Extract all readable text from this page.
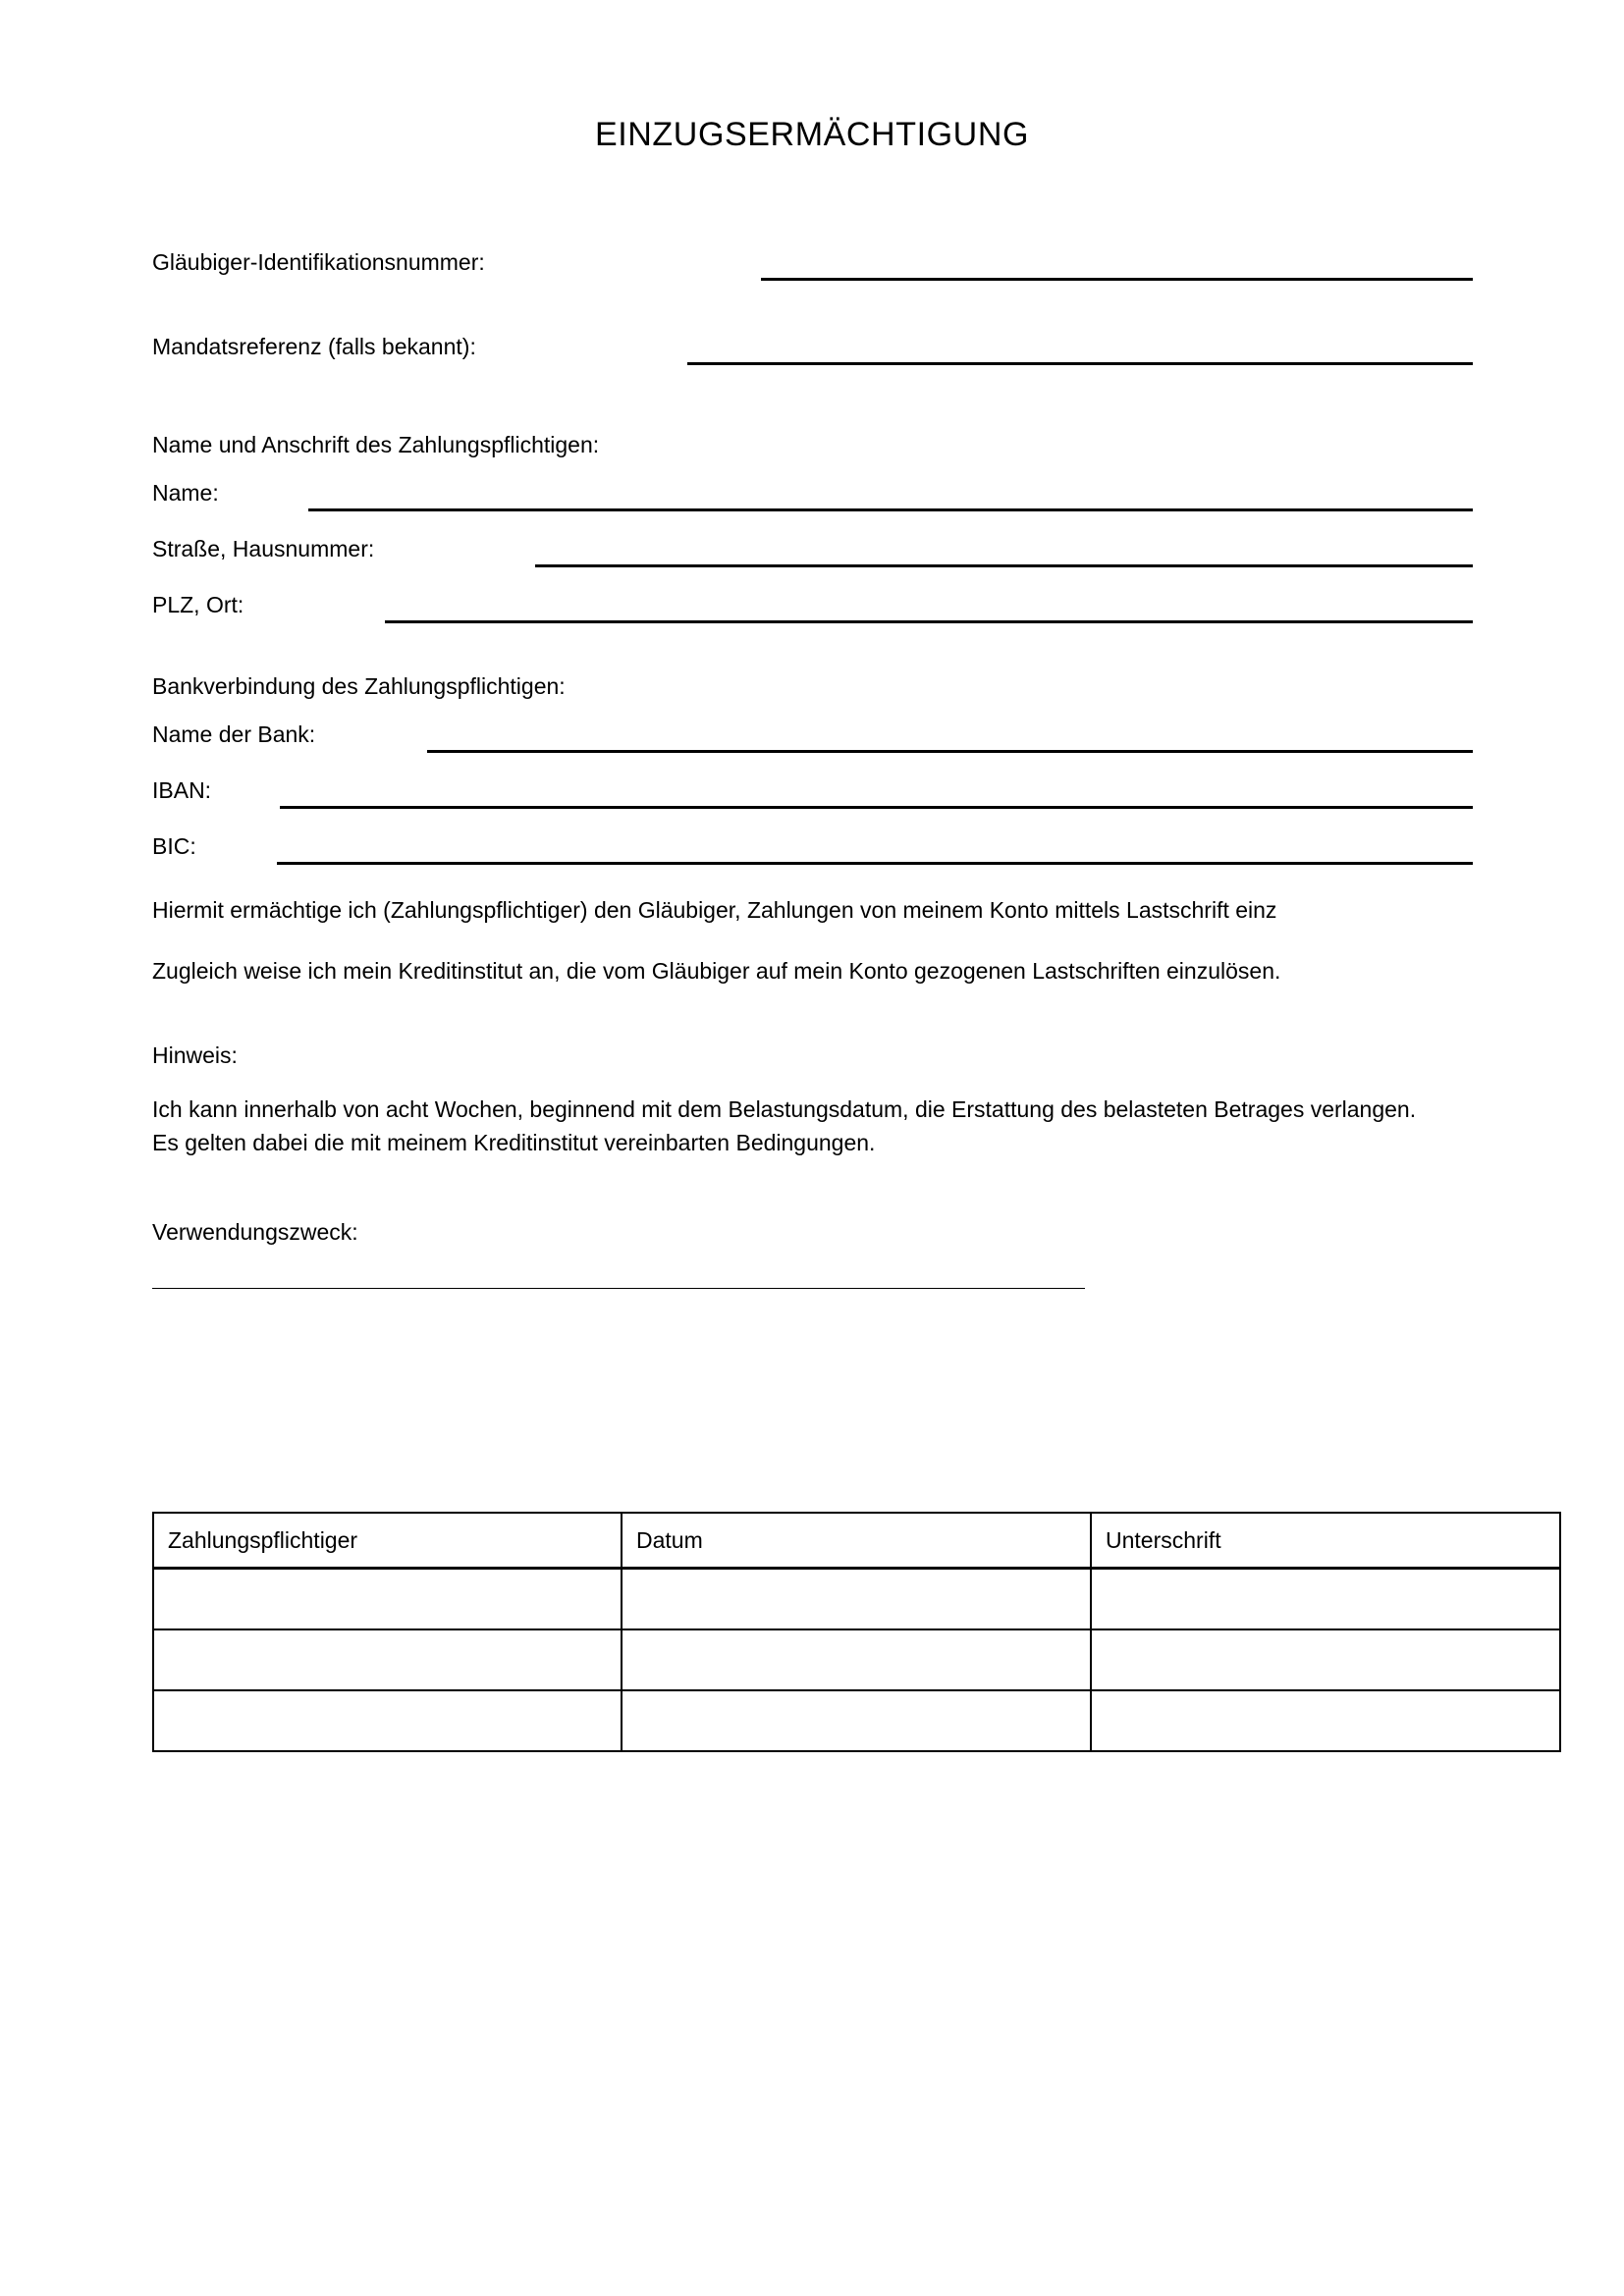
EINZUGSERMÄCHTIGUNG
Gläubiger-Identifikationsnummer:
Mandatsreferenz (falls bekannt):
Name und Anschrift des Zahlungspflichtigen:
Name:
Straße, Hausnummer:
PLZ, Ort:
Bankverbindung des Zahlungspflichtigen:
Name der Bank:
IBAN:
BIC:
Hiermit ermächtige ich (Zahlungspflichtiger) den Gläubiger, Zahlungen von meinem Konto mittels Lastschrift einz
Zugleich weise ich mein Kreditinstitut an, die vom Gläubiger auf mein Konto gezogenen Lastschriften einzulösen.
Hinweis:
Ich kann innerhalb von acht Wochen, beginnend mit dem Belastungsdatum, die Erstattung des belasteten Betrages verlangen. Es gelten dabei die mit meinem Kreditinstitut vereinbarten Bedingungen.
Verwendungszweck:
Zahlungspflichtiger	Datum	Unterschrift
